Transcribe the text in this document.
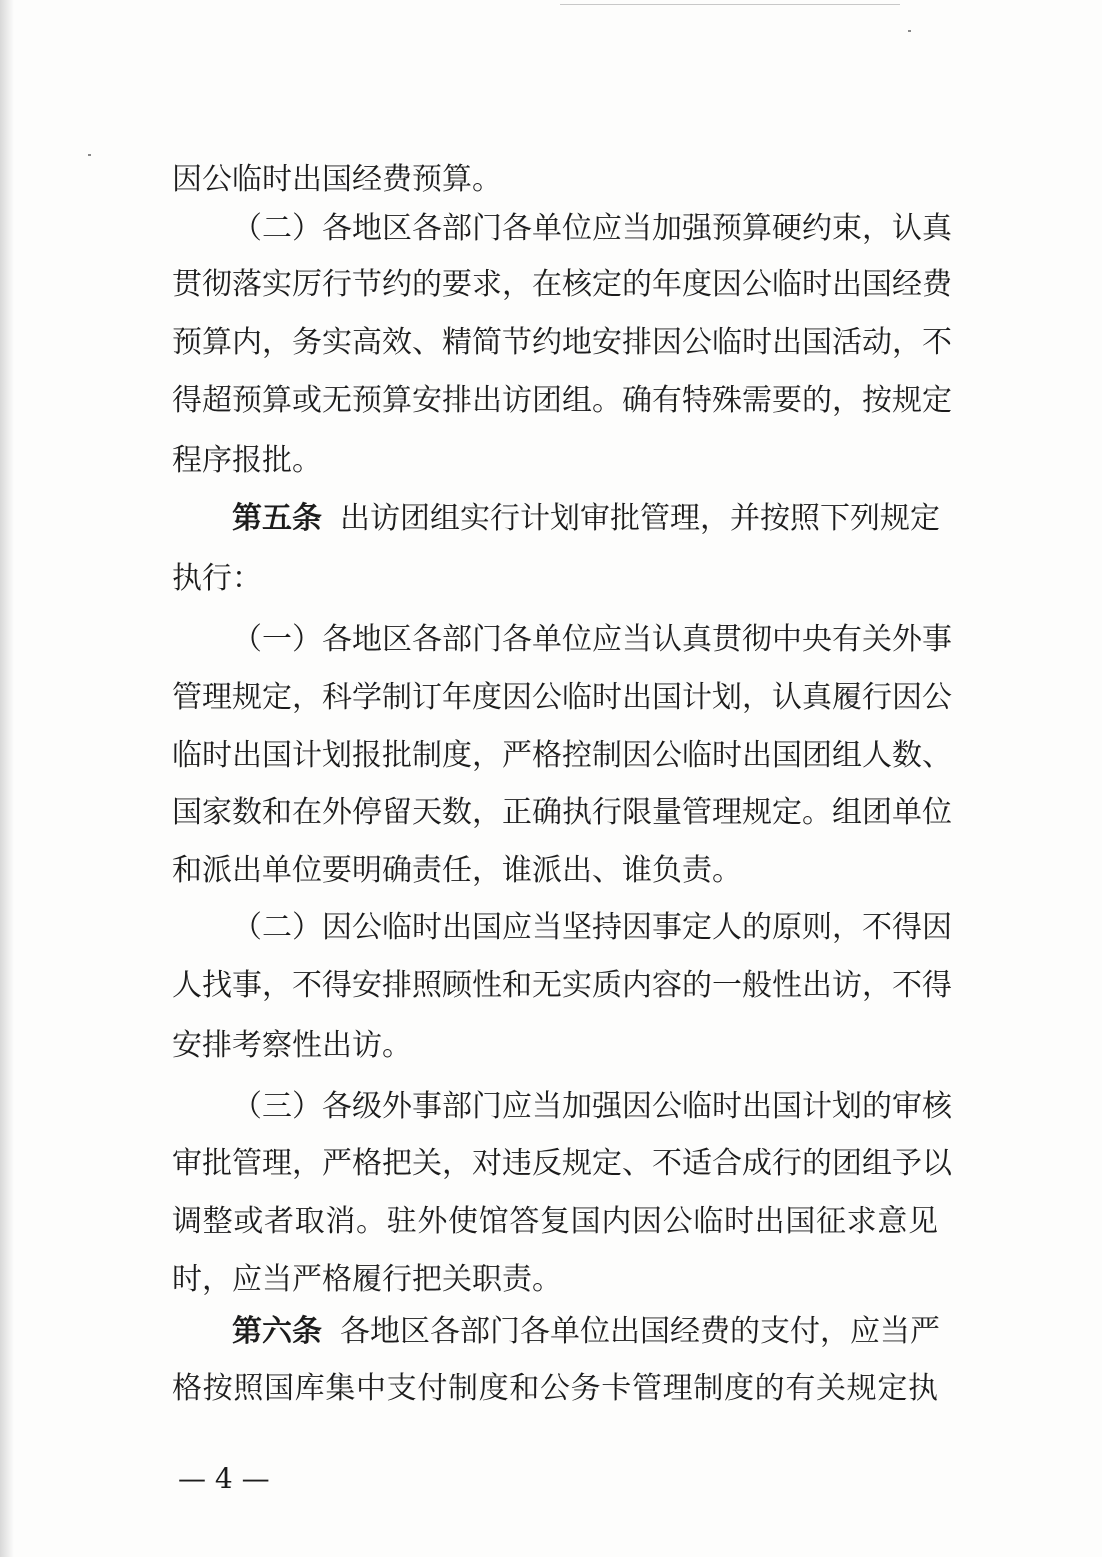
因公临时出国经费预算。
（二）各地区各部门各单位应当加强预算硬约束，认真
贯彻落实厉行节约的要求，在核定的年度因公临时出国经费
预算内，务实高效、精简节约地安排因公临时出国活动，不
得超预算或无预算安排出访团组。确有特殊需要的，按规定
程序报批。
第五条 出访团组实行计划审批管理，并按照下列规定
执行：
（一）各地区各部门各单位应当认真贯彻中央有关外事
管理规定，科学制订年度因公临时出国计划，认真履行因公
临时出国计划报批制度，严格控制因公临时出国团组人数、
国家数和在外停留天数，正确执行限量管理规定。组团单位
和派出单位要明确责任，谁派出、谁负责。
（二）因公临时出国应当坚持因事定人的原则，不得因
人找事，不得安排照顾性和无实质内容的一般性出访，不得
安排考察性出访。
（三）各级外事部门应当加强因公临时出国计划的审核
审批管理，严格把关，对违反规定、不适合成行的团组予以
调整或者取消。驻外使馆答复国内因公临时出国征求意见
时，应当严格履行把关职责。
第六条 各地区各部门各单位出国经费的支付，应当严
格按照国库集中支付制度和公务卡管理制度的有关规定执
— 4 —
